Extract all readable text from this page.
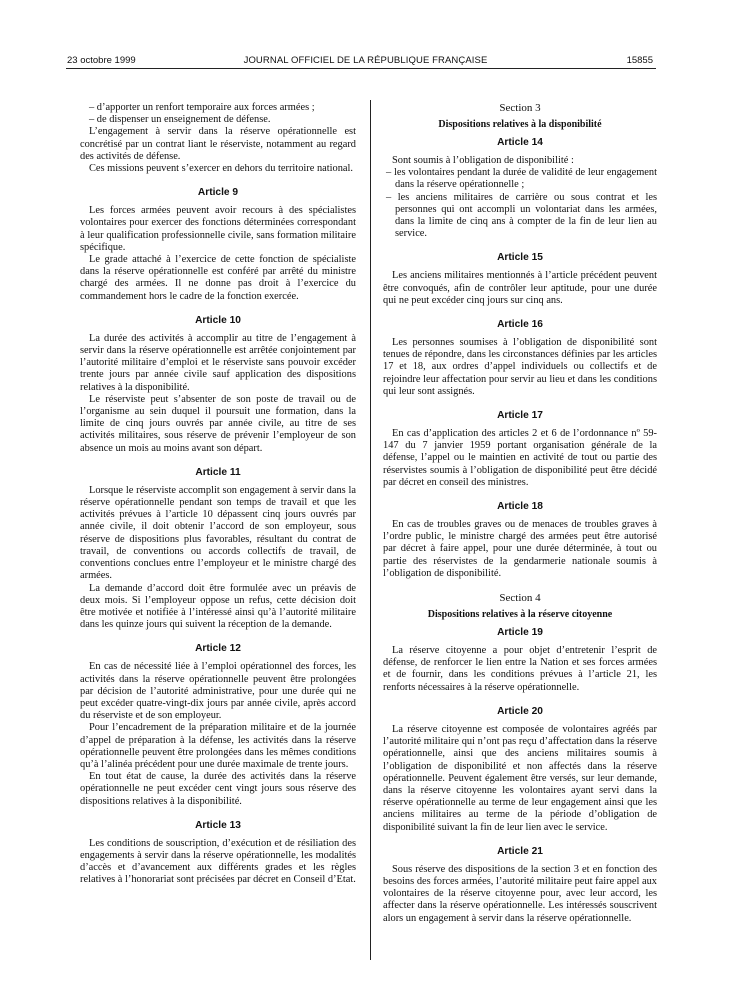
23 octobre 1999	JOURNAL OFFICIEL DE LA RÉPUBLIQUE FRANÇAISE	15855

– d’apporter un renfort temporaire aux forces armées ;

– de dispenser un enseignement de défense.

L’engagement à servir dans la réserve opérationnelle est concrétisé par un contrat liant le réserviste, notamment au regard des activités de défense.

Ces missions peuvent s’exercer en dehors du territoire national.

Article 9

Les forces armées peuvent avoir recours à des spécialistes volontaires pour exercer des fonctions déterminées correspondant à leur qualification professionnelle civile, sans formation militaire spécifique.

Le grade attaché à l’exercice de cette fonction de spécialiste dans la réserve opérationnelle est conféré par arrêté du ministre chargé des armées. Il ne donne pas droit à l’exercice du commandement hors le cadre de la fonction exercée.

Article 10

La durée des activités à accomplir au titre de l’engagement à servir dans la réserve opérationnelle est arrêtée conjointement par l’autorité militaire d’emploi et le réserviste sans pouvoir excéder trente jours par année civile sauf application des dispositions relatives à la disponibilité.

Le réserviste peut s’absenter de son poste de travail ou de l’organisme au sein duquel il poursuit une formation, dans la limite de cinq jours ouvrés par année civile, au titre de ses activités militaires, sous réserve de prévenir l’employeur de son absence un mois au moins avant son départ.

Article 11

Lorsque le réserviste accomplit son engagement à servir dans la réserve opérationnelle pendant son temps de travail et que les activités prévues à l’article 10 dépassent cinq jours ouvrés par année civile, il doit obtenir l’accord de son employeur, sous réserve de dispositions plus favorables, résultant du contrat de travail, de conventions ou accords collectifs de travail, de conventions conclues entre l’employeur et le ministre chargé des armées.

La demande d’accord doit être formulée avec un préavis de deux mois. Si l’employeur oppose un refus, cette décision doit être motivée et notifiée à l’intéressé ainsi qu’à l’autorité militaire dans les quinze jours qui suivent la réception de la demande.

Article 12

En cas de nécessité liée à l’emploi opérationnel des forces, les activités dans la réserve opérationnelle peuvent être prolongées par décision de l’autorité administrative, pour une durée qui ne peut excéder quatre-vingt-dix jours par année civile, après accord du réserviste et de son employeur.

Pour l’encadrement de la préparation militaire et de la journée d’appel de préparation à la défense, les activités dans la réserve opérationnelle peuvent être prolongées dans les mêmes conditions qu’à l’alinéa précédent pour une durée maximale de trente jours.

En tout état de cause, la durée des activités dans la réserve opérationnelle ne peut excéder cent vingt jours sous réserve des dispositions relatives à la disponibilité.

Article 13

Les conditions de souscription, d’exécution et de résiliation des engagements à servir dans la réserve opérationnelle, les modalités d’accès et d’avancement aux différents grades et les règles relatives à l’honorariat sont précisées par décret en Conseil d’Etat.

Section 3
Dispositions relatives à la disponibilité
Article 14

Sont soumis à l’obligation de disponibilité :

– les volontaires pendant la durée de validité de leur engagement dans la réserve opérationnelle ;

– les anciens militaires de carrière ou sous contrat et les personnes qui ont accompli un volontariat dans les armées, dans la limite de cinq ans à compter de la fin de leur lien au service.

Article 15

Les anciens militaires mentionnés à l’article précédent peuvent être convoqués, afin de contrôler leur aptitude, pour une durée qui ne peut excéder cinq jours sur cinq ans.

Article 16

Les personnes soumises à l’obligation de disponibilité sont tenues de répondre, dans les circonstances définies par les articles 17 et 18, aux ordres d’appel individuels ou collectifs et de rejoindre leur affectation pour servir au lieu et dans les conditions qui leur sont assignés.

Article 17

En cas d’application des articles 2 et 6 de l’ordonnance nº 59-147 du 7 janvier 1959 portant organisation générale de la défense, l’appel ou le maintien en activité de tout ou partie des réservistes soumis à l’obligation de disponibilité peut être décidé par décret en conseil des ministres.

Article 18

En cas de troubles graves ou de menaces de troubles graves à l’ordre public, le ministre chargé des armées peut être autorisé par décret à faire appel, pour une durée déterminée, à tout ou partie des réservistes de la gendarmerie nationale soumis à l’obligation de disponibilité.

Section 4
Dispositions relatives à la réserve citoyenne
Article 19

La réserve citoyenne a pour objet d’entretenir l’esprit de défense, de renforcer le lien entre la Nation et ses forces armées et de fournir, dans les conditions prévues à l’article 21, les renforts nécessaires à la réserve opérationnelle.

Article 20

La réserve citoyenne est composée de volontaires agréés par l’autorité militaire qui n’ont pas reçu d’affectation dans la réserve opérationnelle, ainsi que des anciens militaires soumis à l’obligation de disponibilité et non affectés dans la réserve opérationnelle. Peuvent également être versés, sur leur demande, dans la réserve citoyenne les volontaires ayant servi dans la réserve opérationnelle au terme de leur engagement ainsi que les anciens militaires au terme de la période d’obligation de disponibilité suivant la fin de leur lien avec le service.

Article 21

Sous réserve des dispositions de la section 3 et en fonction des besoins des forces armées, l’autorité militaire peut faire appel aux volontaires de la réserve citoyenne pour, avec leur accord, les affecter dans la réserve opérationnelle. Les intéressés souscrivent alors un engagement à servir dans la réserve opérationnelle.
